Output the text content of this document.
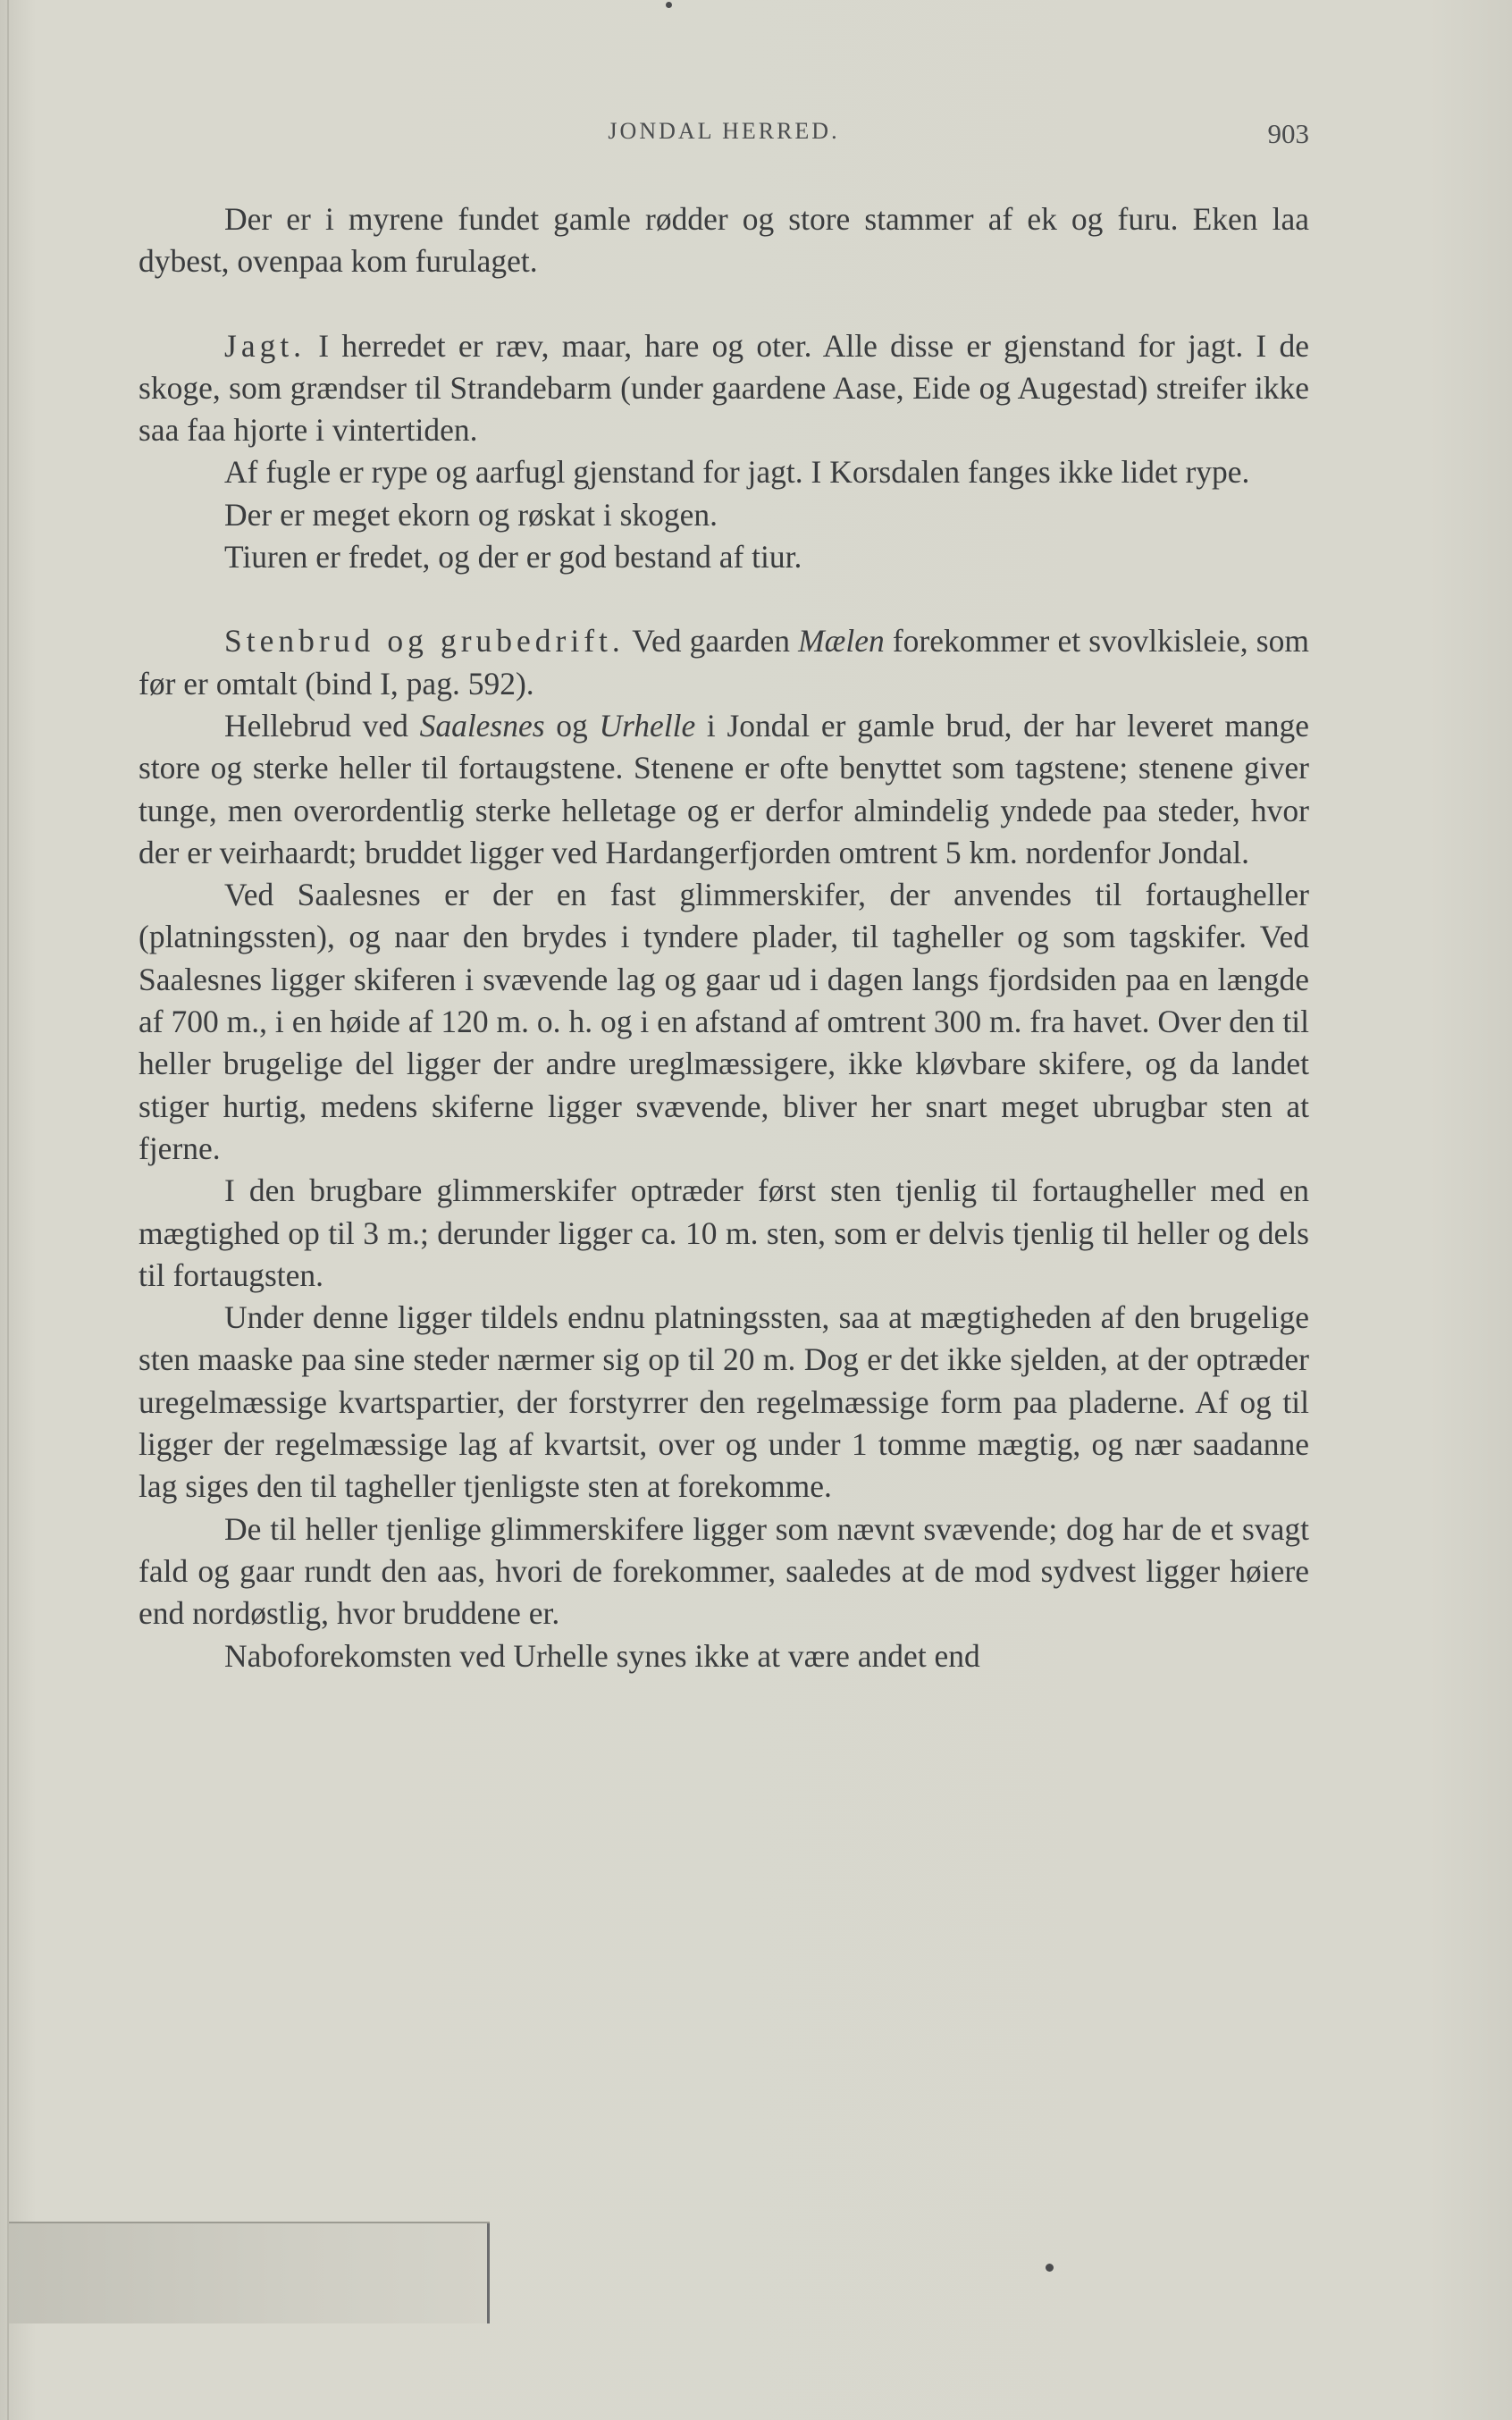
JONDAL HERRED.	903

Der er i myrene fundet gamle rødder og store stammer af ek og furu. Eken laa dybest, ovenpaa kom furulaget.

Jagt. I herredet er ræv, maar, hare og oter. Alle disse er gjenstand for jagt. I de skoge, som grændser til Strandebarm (under gaardene Aase, Eide og Augestad) streifer ikke saa faa hjorte i vintertiden.

Af fugle er rype og aarfugl gjenstand for jagt. I Korsdalen fanges ikke lidet rype.

Der er meget ekorn og røskat i skogen.

Tiuren er fredet, og der er god bestand af tiur.

Stenbrud og grubedrift. Ved gaarden Mælen forekommer et svovlkisleie, som før er omtalt (bind I, pag. 592).

Hellebrud ved Saalesnes og Urhelle i Jondal er gamle brud, der har leveret mange store og sterke heller til fortaugstene. Stenene er ofte benyttet som tagstene; stenene giver tunge, men overordentlig sterke helletage og er derfor almindelig yndede paa steder, hvor der er veirhaardt; bruddet ligger ved Hardangerfjorden omtrent 5 km. nordenfor Jondal.

Ved Saalesnes er der en fast glimmerskifer, der anvendes til fortaugheller (platningssten), og naar den brydes i tyndere plader, til tagheller og som tagskifer. Ved Saalesnes ligger skiferen i svævende lag og gaar ud i dagen langs fjordsiden paa en længde af 700 m., i en høide af 120 m. o. h. og i en afstand af omtrent 300 m. fra havet. Over den til heller brugelige del ligger der andre ureglmæssigere, ikke kløvbare skifere, og da landet stiger hurtig, medens skiferne ligger svævende, bliver her snart meget ubrugbar sten at fjerne.

I den brugbare glimmerskifer optræder først sten tjenlig til fortaugheller med en mægtighed op til 3 m.; derunder ligger ca. 10 m. sten, som er delvis tjenlig til heller og dels til fortaugsten.

Under denne ligger tildels endnu platningssten, saa at mægtigheden af den brugelige sten maaske paa sine steder nærmer sig op til 20 m. Dog er det ikke sjelden, at der optræder uregelmæssige kvartspartier, der forstyrrer den regelmæssige form paa pladerne. Af og til ligger der regelmæssige lag af kvartsit, over og under 1 tomme mægtig, og nær saadanne lag siges den til tagheller tjenligste sten at forekomme.

De til heller tjenlige glimmerskifere ligger som nævnt svævende; dog har de et svagt fald og gaar rundt den aas, hvori de forekommer, saaledes at de mod sydvest ligger høiere end nordøstlig, hvor bruddene er.

Naboforekomsten ved Urhelle synes ikke at være andet end
